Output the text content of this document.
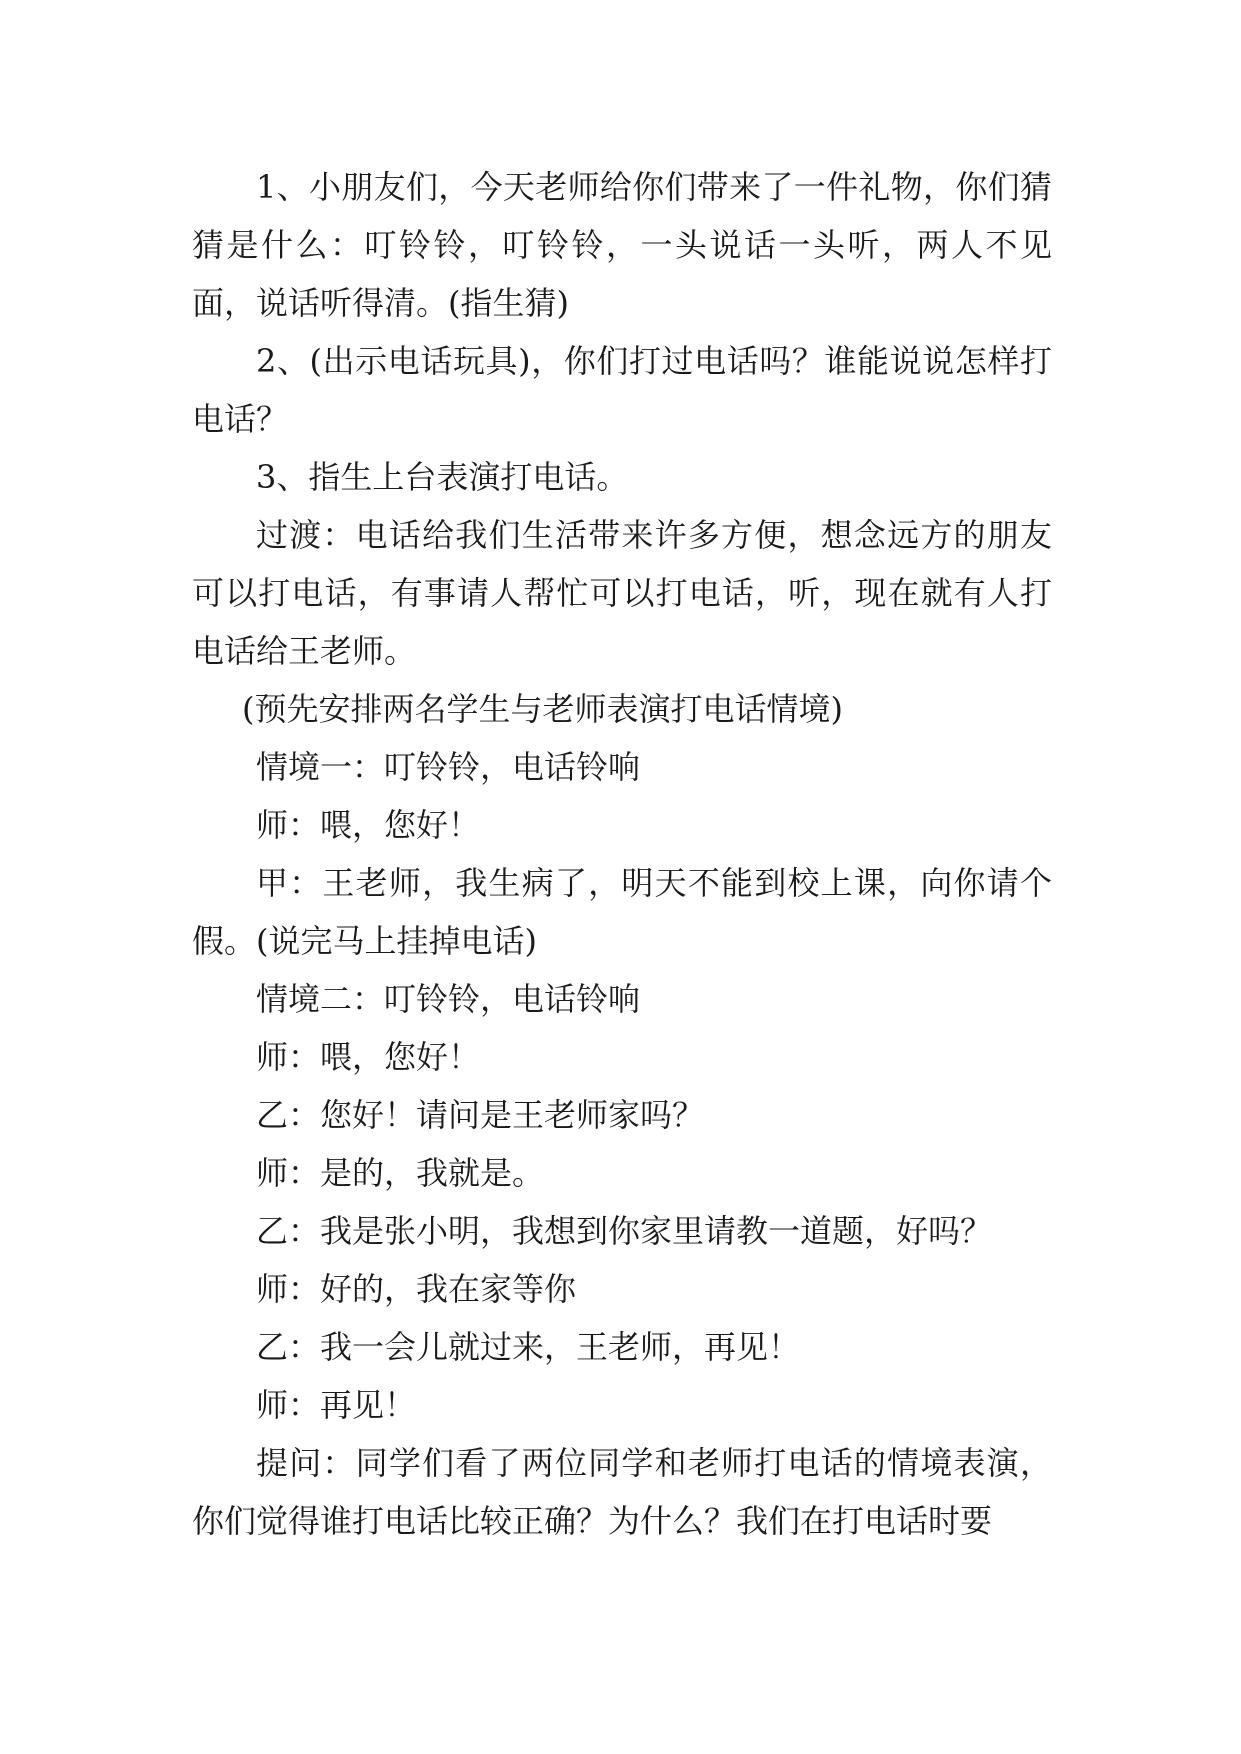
1、小朋友们，今天老师给你们带来了一件礼物，你们猜猜是什么：叮铃铃，叮铃铃，一头说话一头听，两人不见面，说话听得清。(指生猜)

2、(出示电话玩具)，你们打过电话吗？谁能说说怎样打电话？

3、指生上台表演打电话。

过渡：电话给我们生活带来许多方便，想念远方的朋友可以打电话，有事请人帮忙可以打电话，听，现在就有人打电话给王老师。

(预先安排两名学生与老师表演打电话情境)

情境一：叮铃铃，电话铃响

师：喂，您好！

甲：王老师，我生病了，明天不能到校上课，向你请个假。(说完马上挂掉电话)

情境二：叮铃铃，电话铃响

师：喂，您好！

乙：您好！请问是王老师家吗？

师：是的，我就是。

乙：我是张小明，我想到你家里请教一道题，好吗？

师：好的，我在家等你

乙：我一会儿就过来，王老师，再见！

师：再见！

提问：同学们看了两位同学和老师打电话的情境表演，你们觉得谁打电话比较正确？为什么？我们在打电话时要
